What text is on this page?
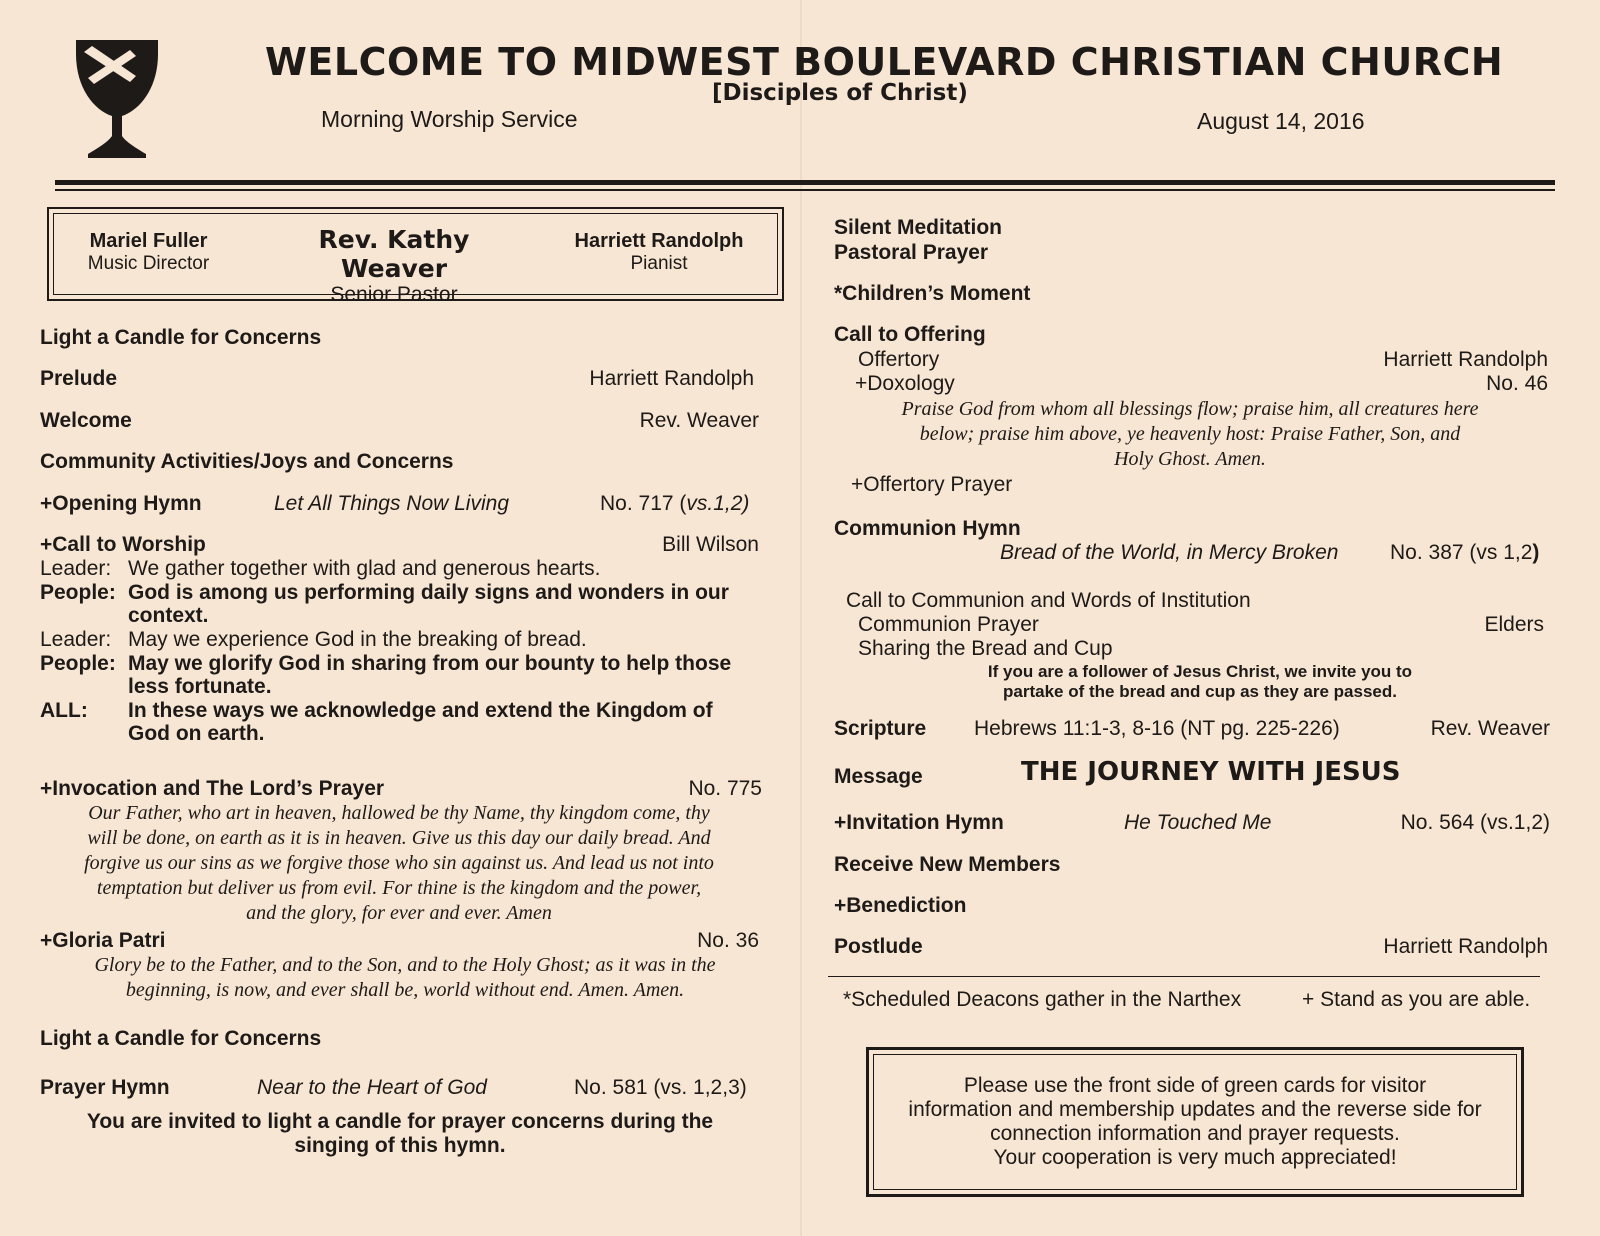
WELCOME TO MIDWEST BOULEVARD CHRISTIAN CHURCH
[Disciples of Christ)
Morning Worship Service	August 14, 2016
Mariel Fuller
Music Director
Rev. Kathy Weaver
Senior Pastor
Harriett Randolph
Pianist
Light a Candle for Concerns
Prelude	Harriett Randolph
Welcome	Rev. Weaver
Community Activities/Joys and Concerns
+Opening Hymn	Let All Things Now Living	No. 717 (vs.1,2)
+Call to Worship	Bill Wilson
Leader: We gather together with glad and generous hearts.
People: God is among us performing daily signs and wonders in our context.
Leader: May we experience God in the breaking of bread.
People: May we glorify God in sharing from our bounty to help those less fortunate.
ALL:	In these ways we acknowledge and extend the Kingdom of God on earth.
+Invocation and The Lord’s Prayer	No. 775
Our Father, who art in heaven, hallowed be thy Name, thy kingdom come, thy
will be done, on earth as it is in heaven. Give us this day our daily bread. And
forgive us our sins as we forgive those who sin against us. And lead us not into
temptation but deliver us from evil. For thine is the kingdom and the power,
and the glory, for ever and ever. Amen
+Gloria Patri	No. 36
Glory be to the Father, and to the Son, and to the Holy Ghost; as it was in the
beginning, is now, and ever shall be, world without end. Amen. Amen.
Light a Candle for Concerns
Prayer Hymn	Near to the Heart of God	No. 581 (vs. 1,2,3)
You are invited to light a candle for prayer concerns during the
singing of this hymn.
Silent Meditation
Pastoral Prayer
*Children’s Moment
Call to Offering
Offertory	Harriett Randolph
+Doxology	No. 46
Praise God from whom all blessings flow; praise him, all creatures here
below; praise him above, ye heavenly host: Praise Father, Son, and
Holy Ghost. Amen.
+Offertory Prayer
Communion Hymn
Bread of the World, in Mercy Broken No. 387 (vs 1,2)
Call to Communion and Words of Institution
Communion Prayer	Elders
Sharing the Bread and Cup
If you are a follower of Jesus Christ, we invite you to
partake of the bread and cup as they are passed.
Scripture Hebrews 11:1-3, 8-16 (NT pg. 225-226)	Rev. Weaver
Message	THE JOURNEY WITH JESUS
+Invitation Hymn	He Touched Me	No. 564 (vs.1,2)
Receive New Members
+Benediction
Postlude	Harriett Randolph
*Scheduled Deacons gather in the Narthex	+ Stand as you are able.
Please use the front side of green cards for visitor
information and membership updates and the reverse side for
connection information and prayer requests.
Your cooperation is very much appreciated!
